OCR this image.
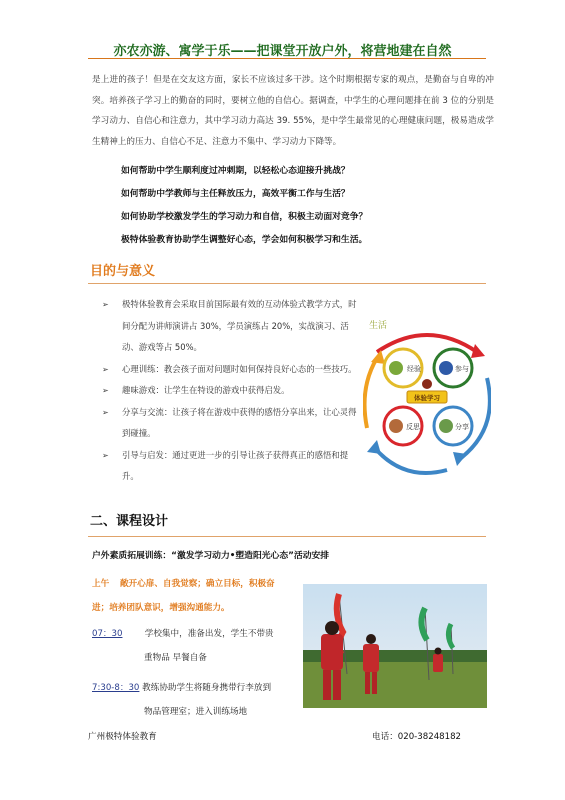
亦农亦游、寓学于乐——把课堂开放户外，将营地建在自然
是上进的孩子！但是在交友这方面，家长不应该过多干涉。这个时期根据专家的观点，是勤奋与自卑的冲突。培养孩子学习上的勤奋的同时，要树立他的自信心。据调查，中学生的心理问题排在前 3 位的分别是学习动力、自信心和注意力，其中学习动力高达 39. 55%，是中学生最常见的心理健康问题，极易造成学生精神上的压力、自信心不足、注意力不集中、学习动力下降等。
如何帮助中学生顺利度过冲刺期，以轻松心态迎接升挑战？
如何帮助中学教师与主任释放压力，高效平衡工作与生活？
如何协助学校激发学生的学习动力和自信，积极主动面对竞争？
极特体验教育协助学生调整好心态，学会如何积极学习和生活。
目的与意义
➢ 极特体验教育会采取目前国际最有效的互动体验式教学方式，时间分配为讲师演讲占 30%，学员演练占 20%，实战演习、活动、游戏等占 50%。
➢ 心理训练：教会孩子面对问题时如何保持良好心态的一些技巧。
➢ 趣味游戏：让学生在特设的游戏中获得启发。
➢ 分享与交流：让孩子将在游戏中获得的感悟分享出来，让心灵得到碰撞。
➢ 引导与启发：通过更进一步的引导让孩子获得真正的感悟和提升。
生活
经验	参与
反思	分享
体验学习
二、课程设计
户外素质拓展训练：“激发学习动力•塑造阳光心态”活动安排
上午 敞开心扉、自我觉察；确立目标，积极奋
进；培养团队意识，增强沟通能力。
07：30	学校集中，准备出发，学生不带贵
重物品 早餐自备
7:30-8：30 教练协助学生将随身携带行李放到
物品管理室；进入训练场地
广州极特体验教育	电话：020-38248182
